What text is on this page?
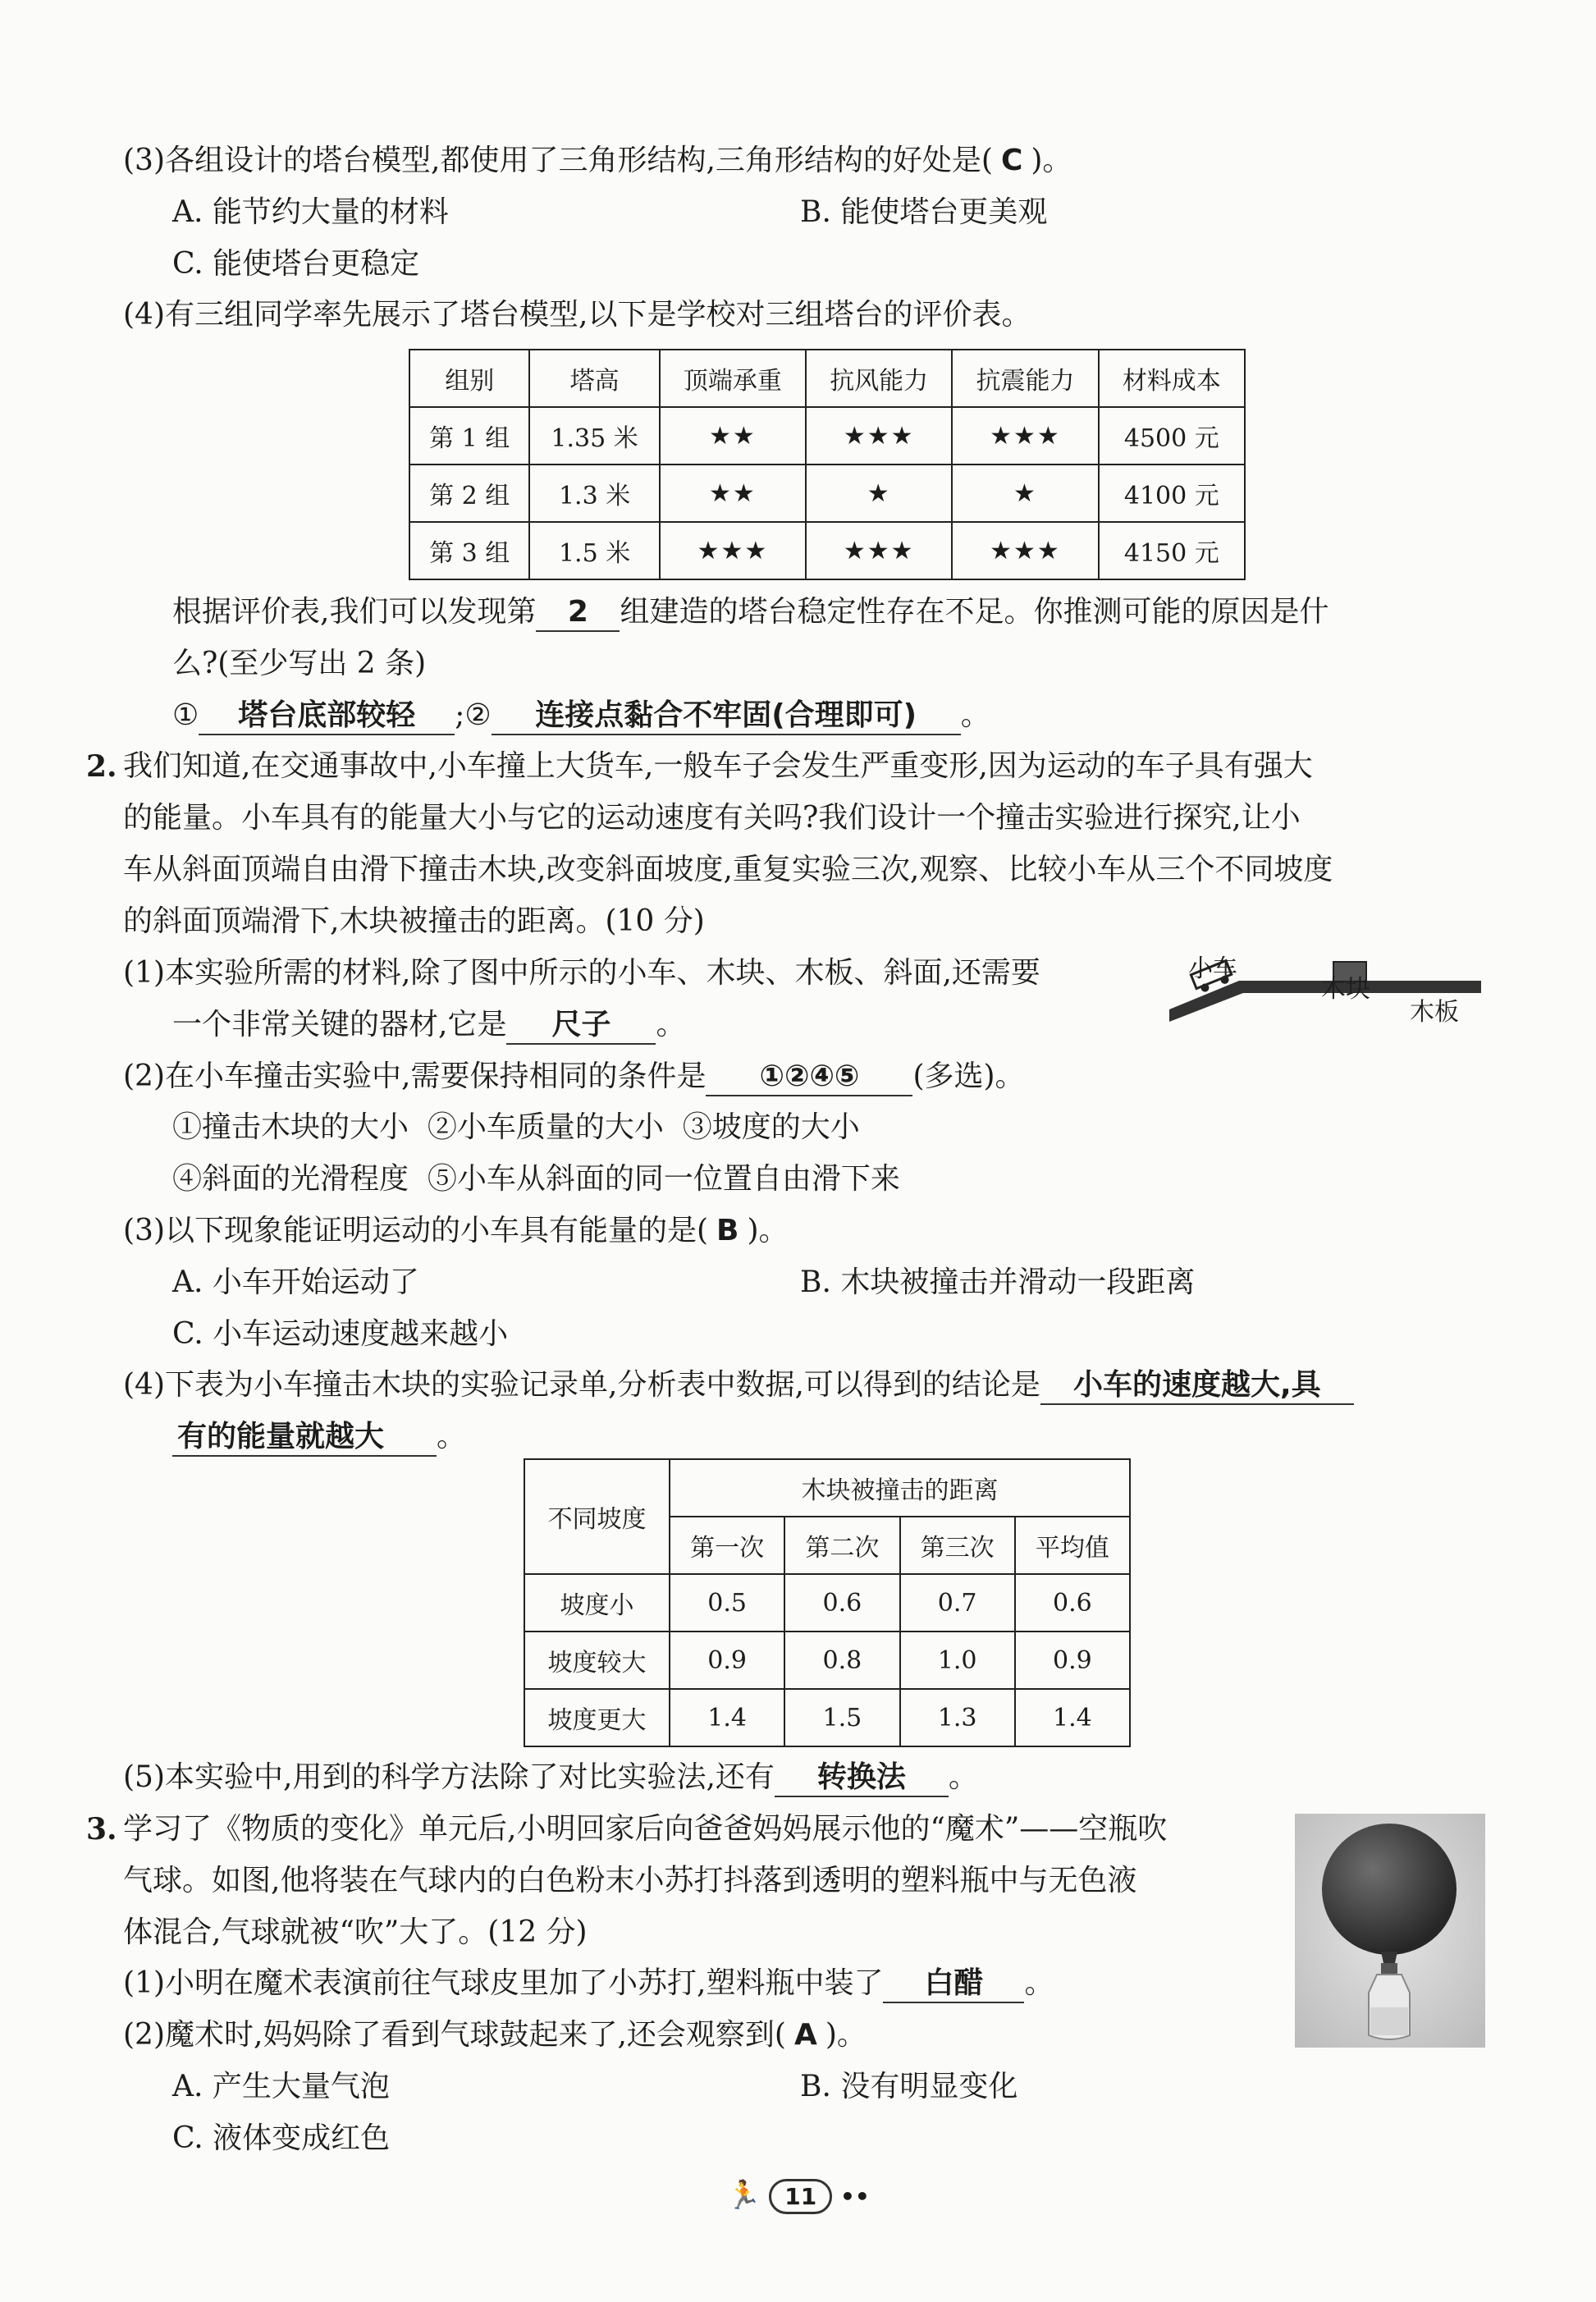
(3)各组设计的塔台模型,都使用了三角形结构,三角形结构的好处是( C )。
A. 能节约大量的材料	B. 能使塔台更美观
C. 能使塔台更稳定
(4)有三组同学率先展示了塔台模型,以下是学校对三组塔台的评价表。
组别	塔高	顶端承重	抗风能力	抗震能力	材料成本
第 1 组	1.35 米	★★	★★★	★★★	4500 元
第 2 组	1.3 米	★★	★	★	4100 元
第 3 组	1.5 米	★★★	★★★	★★★	4150 元
根据评价表,我们可以发现第 2 组建造的塔台稳定性存在不足。你推测可能的原因是什
么?(至少写出 2 条)
① 塔台底部较轻 ;② 连接点黏合不牢固(合理即可) 。
2. 我们知道,在交通事故中,小车撞上大货车,一般车子会发生严重变形,因为运动的车子具有强大
的能量。小车具有的能量大小与它的运动速度有关吗?我们设计一个撞击实验进行探究,让小
车从斜面顶端自由滑下撞击木块,改变斜面坡度,重复实验三次,观察、比较小车从三个不同坡度
的斜面顶端滑下,木块被撞击的距离。(10 分)
小车
木块
木板
(1)本实验所需的材料,除了图中所示的小车、木块、木板、斜面,还需要
一个非常关键的器材,它是 尺子 。
(2)在小车撞击实验中,需要保持相同的条件是 ①②④⑤ (多选)。
①撞击木块的大小  ②小车质量的大小  ③坡度的大小
④斜面的光滑程度  ⑤小车从斜面的同一位置自由滑下来
(3)以下现象能证明运动的小车具有能量的是( B )。
A. 小车开始运动了	B. 木块被撞击并滑动一段距离
C. 小车运动速度越来越小
(4)下表为小车撞击木块的实验记录单,分析表中数据,可以得到的结论是 小车的速度越大,具
有的能量就越大 。
不同坡度	木块被撞击的距离			
	第一次	第二次	第三次	平均值
坡度小	0.5	0.6	0.7	0.6
坡度较大	0.9	0.8	1.0	0.9
坡度更大	1.4	1.5	1.3	1.4
(5)本实验中,用到的科学方法除了对比实验法,还有 转换法 。
3. 学习了《物质的变化》单元后,小明回家后向爸爸妈妈展示他的“魔术”——空瓶吹
气球。如图,他将装在气球内的白色粉末小苏打抖落到透明的塑料瓶中与无色液
体混合,气球就被“吹”大了。(12 分)
(1)小明在魔术表演前往气球皮里加了小苏打,塑料瓶中装了 白醋 。
(2)魔术时,妈妈除了看到气球鼓起来了,还会观察到( A )。
A. 产生大量气泡	B. 没有明显变化
C. 液体变成红色
🏃 11 ••
